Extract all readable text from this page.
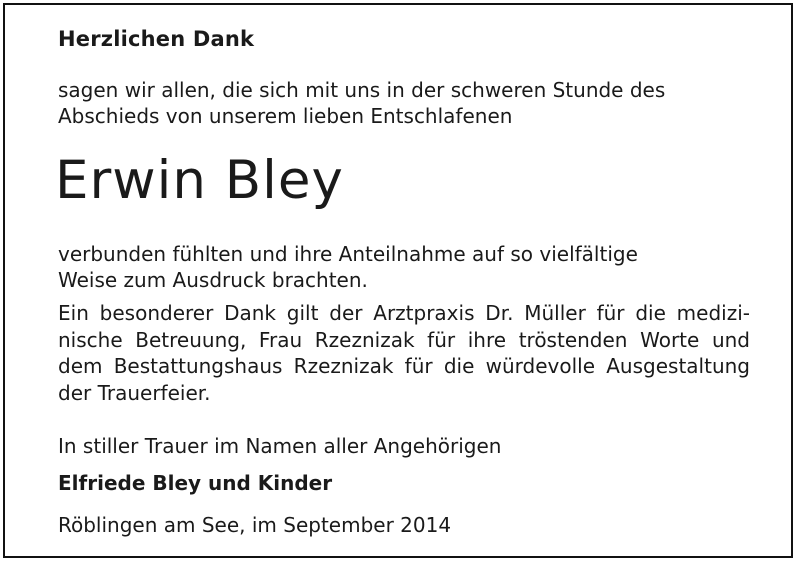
Herzlichen Dank
sagen wir allen, die sich mit uns in der schweren Stunde des
Abschieds von unserem lieben Entschlafenen
Erwin Bley
verbunden fühlten und ihre Anteilnahme auf so vielfältige
Weise zum Ausdruck brachten.
Ein besonderer Dank gilt der Arztpraxis Dr. Müller für die medizi-
nische Betreuung, Frau Rzeznizak für ihre tröstenden Worte und
dem Bestattungshaus Rzeznizak für die würdevolle Ausgestaltung
der Trauerfeier.
In stiller Trauer im Namen aller Angehörigen
Elfriede Bley und Kinder
Röblingen am See, im September 2014
